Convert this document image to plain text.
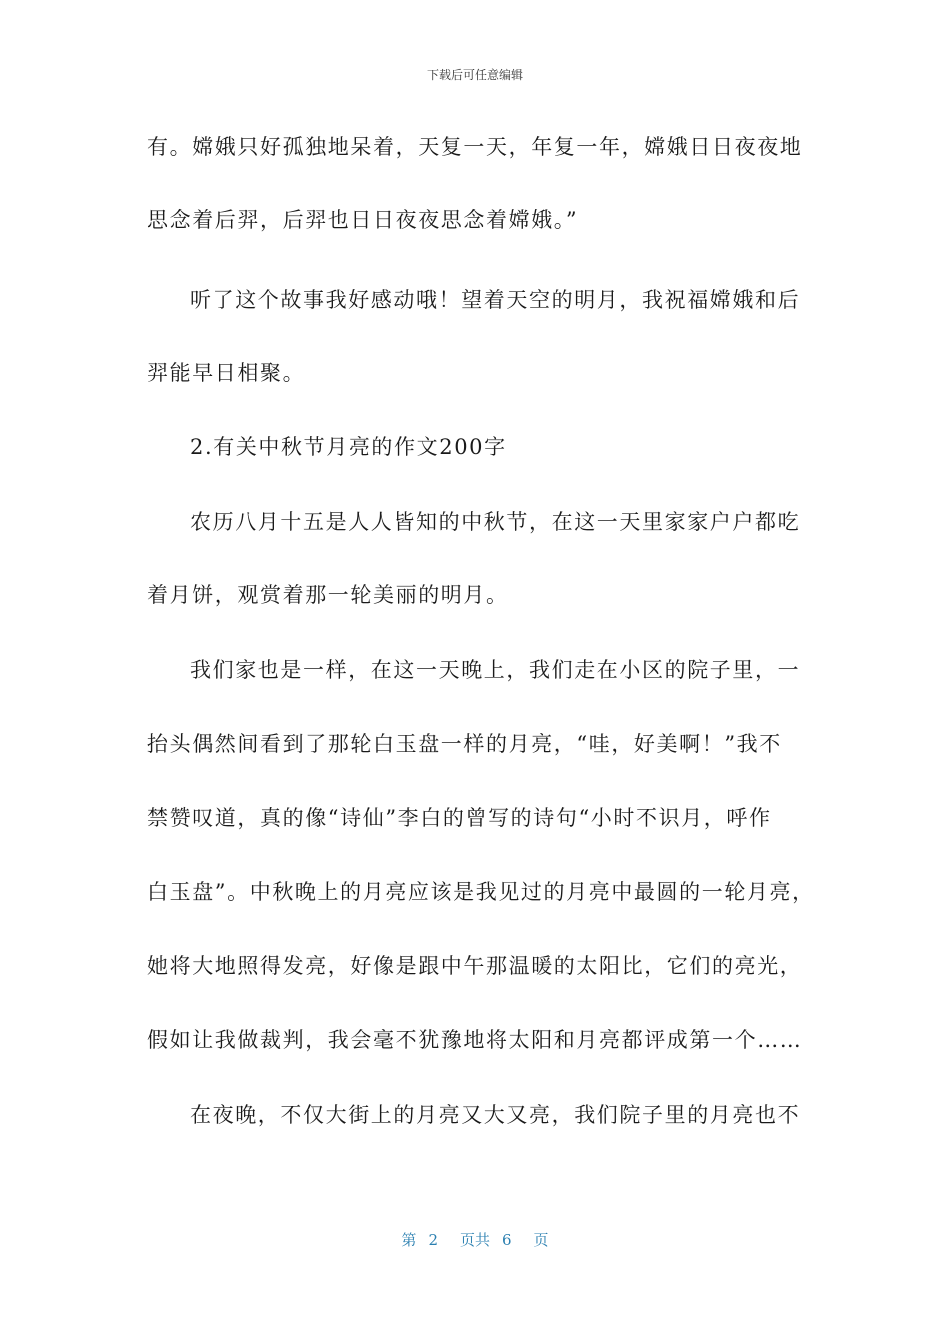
下载后可任意编辑
有。嫦娥只好孤独地呆着，天复一天，年复一年，嫦娥日日夜夜地
思念着后羿，后羿也日日夜夜思念着嫦娥。”
听了这个故事我好感动哦！望着天空的明月，我祝福嫦娥和后
羿能早日相聚。
2.有关中秋节月亮的作文200字
农历八月十五是人人皆知的中秋节，在这一天里家家户户都吃
着月饼，观赏着那一轮美丽的明月。
我们家也是一样，在这一天晚上，我们走在小区的院子里，一
抬头偶然间看到了那轮白玉盘一样的月亮，“哇，好美啊！”我不
禁赞叹道，真的像“诗仙”李白的曾写的诗句“小时不识月，呼作
白玉盘”。中秋晚上的月亮应该是我见过的月亮中最圆的一轮月亮，
她将大地照得发亮，好像是跟中午那温暖的太阳比，它们的亮光，
假如让我做裁判，我会毫不犹豫地将太阳和月亮都评成第一个……
在夜晚，不仅大街上的月亮又大又亮，我们院子里的月亮也不
第 2 页共 6 页
